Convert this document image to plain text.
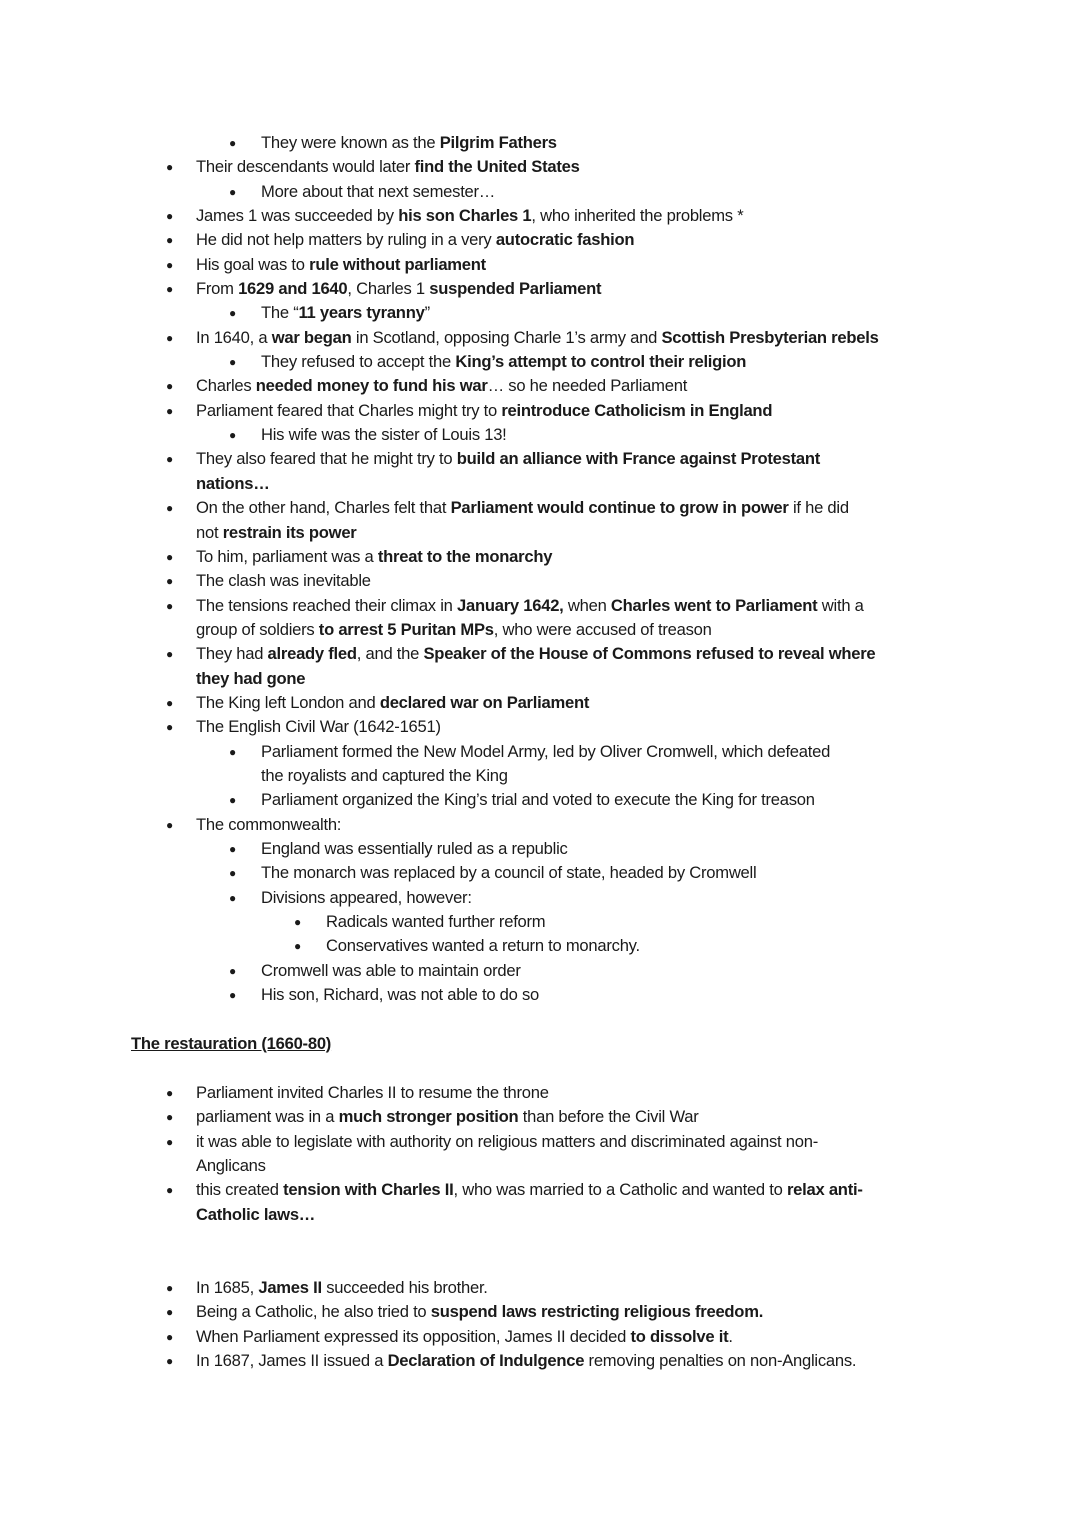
● They were known as the Pilgrim Fathers
● Their descendants would later find the United States
● More about that next semester…
● James 1 was succeeded by his son Charles 1, who inherited the problems *
● He did not help matters by ruling in a very autocratic fashion
● His goal was to rule without parliament
● From 1629 and 1640, Charles 1 suspended Parliament
● The “11 years tyranny”
● In 1640, a war began in Scotland, opposing Charle 1’s army and Scottish Presbyterian rebels
● They refused to accept the King’s attempt to control their religion
● Charles needed money to fund his war… so he needed Parliament
● Parliament feared that Charles might try to reintroduce Catholicism in England
● His wife was the sister of Louis 13!
● They also feared that he might try to build an alliance with France against Protestant
nations…
● On the other hand, Charles felt that Parliament would continue to grow in power if he did
not restrain its power
● To him, parliament was a threat to the monarchy
● The clash was inevitable
● The tensions reached their climax in January 1642, when Charles went to Parliament with a
group of soldiers to arrest 5 Puritan MPs, who were accused of treason
● They had already fled, and the Speaker of the House of Commons refused to reveal where
they had gone
● The King left London and declared war on Parliament
● The English Civil War (1642-1651)
● Parliament formed the New Model Army, led by Oliver Cromwell, which defeated
the royalists and captured the King
● Parliament organized the King’s trial and voted to execute the King for treason
● The commonwealth:
● England was essentially ruled as a republic
● The monarch was replaced by a council of state, headed by Cromwell
● Divisions appeared, however:
● Radicals wanted further reform
● Conservatives wanted a return to monarchy.
● Cromwell was able to maintain order
● His son, Richard, was not able to do so
The restauration (1660-80)
● Parliament invited Charles II to resume the throne
● parliament was in a much stronger position than before the Civil War
● it was able to legislate with authority on religious matters and discriminated against non-
Anglicans
● this created tension with Charles II, who was married to a Catholic and wanted to relax anti-
Catholic laws…
● In 1685, James II succeeded his brother.
● Being a Catholic, he also tried to suspend laws restricting religious freedom.
● When Parliament expressed its opposition, James II decided to dissolve it.
● In 1687, James II issued a Declaration of Indulgence removing penalties on non-Anglicans.
